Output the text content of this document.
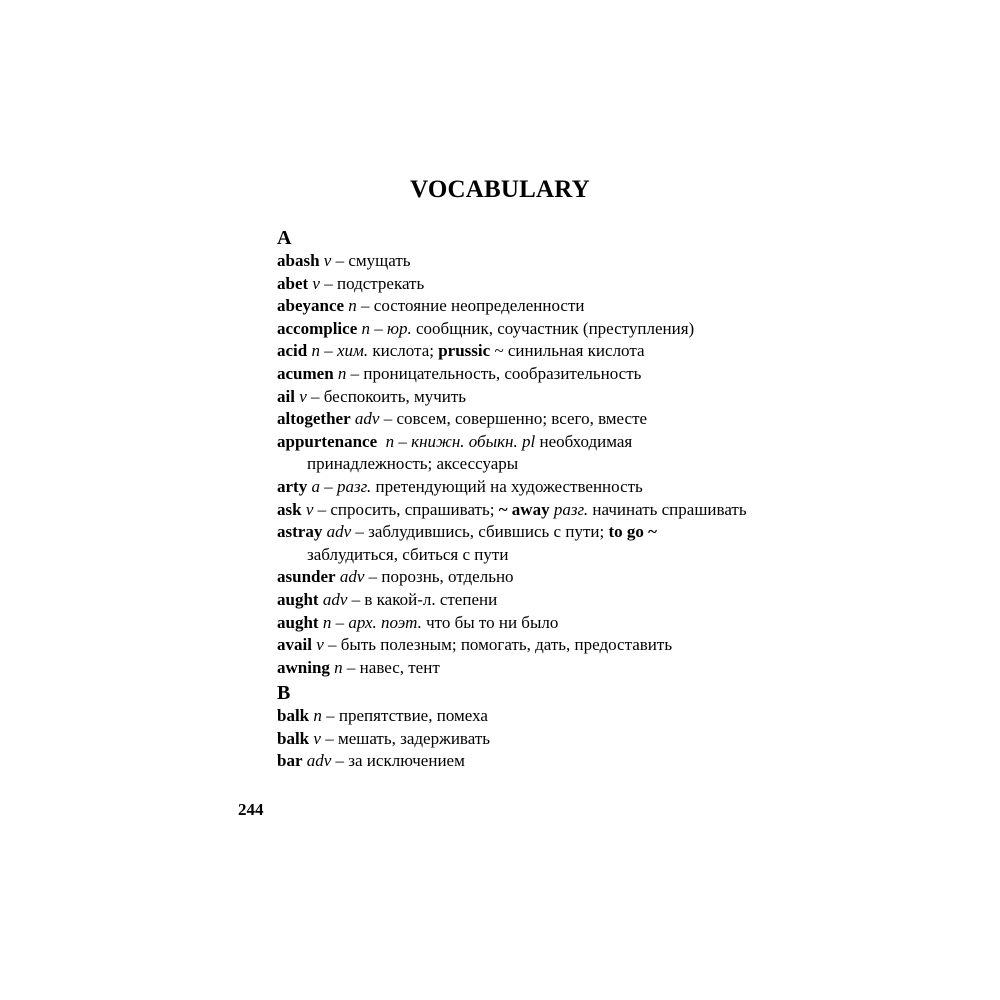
VOCABULARY
A
abash v – смущать
abet v – подстрекать
abeyance n – состояние неопределенности
accomplice n – юр. сообщник, соучастник (преступления)
acid n – хим. кислота; prussic ~ синильная кислота
acumen n – проницательность, сообразительность
ail v – беспокоить, мучить
altogether adv – совсем, совершенно; всего, вместе
appurtenance n – книжн. обыкн. pl необходимая
принадлежность; аксессуары
arty a – разг. претендующий на художественность
ask v – спросить, спрашивать; ~ away разг. начинать спрашивать
astray adv – заблудившись, сбившись с пути; to go ~
заблудиться, сбиться с пути
asunder adv – порознь, отдельно
aught adv – в какой-л. степени
aught n – арх. поэт. что бы то ни было
avail v – быть полезным; помогать, дать, предоставить
awning n – навес, тент
B
balk n – препятствие, помеха
balk v – мешать, задерживать
bar adv – за исключением
244
